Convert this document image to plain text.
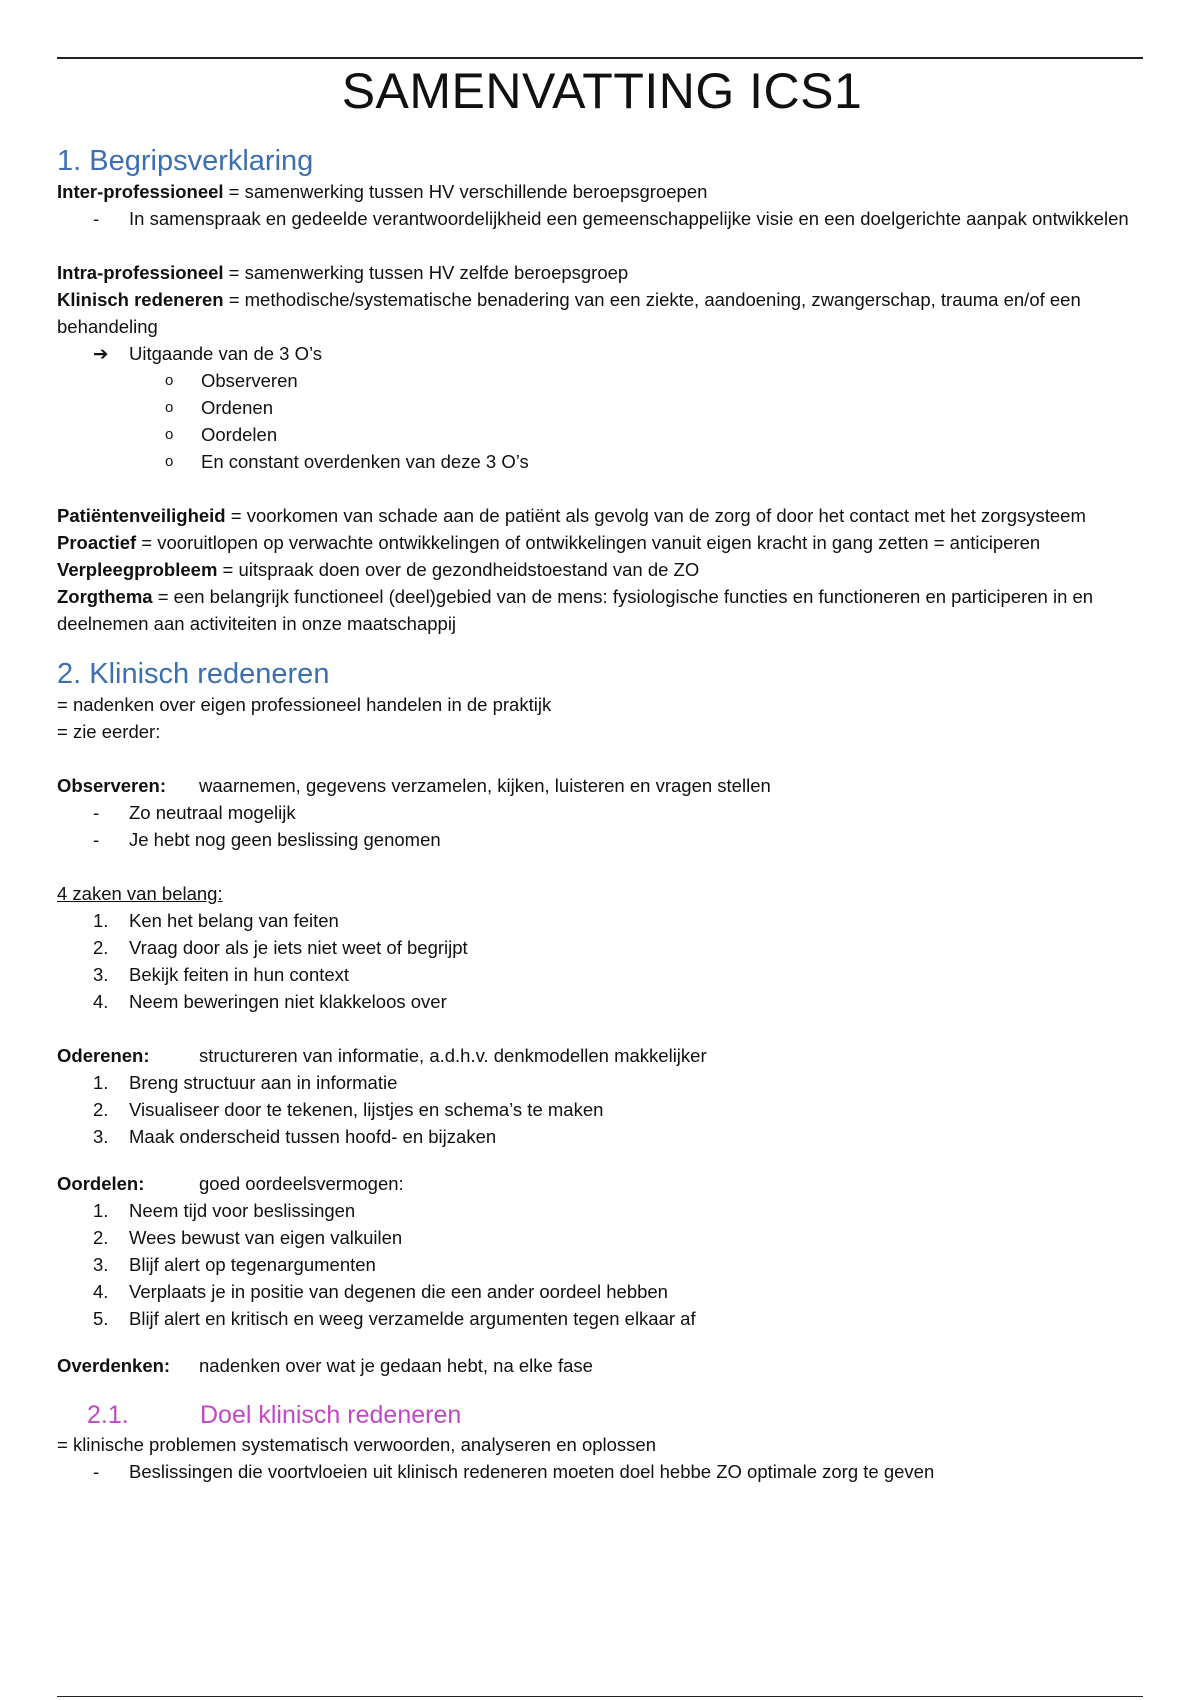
SAMENVATTING ICS1
1. Begripsverklaring

Inter-professioneel = samenwerking tussen HV verschillende beroepsgroepen

- In samenspraak en gedeelde verantwoordelijkheid een gemeenschappelijke visie en een doelgerichte aanpak ontwikkelen

Intra-professioneel = samenwerking tussen HV zelfde beroepsgroep

Klinisch redeneren = methodische/systematische benadering van een ziekte, aandoening, zwangerschap, trauma en/of een behandeling

➔ Uitgaande van de 3 O’s

o Observeren

o Ordenen

o Oordelen

o En constant overdenken van deze 3 O’s

Patiëntenveiligheid = voorkomen van schade aan de patiënt als gevolg van de zorg of door het contact met het zorgsysteem

Proactief = vooruitlopen op verwachte ontwikkelingen of ontwikkelingen vanuit eigen kracht in gang zetten = anticiperen

Verpleegprobleem = uitspraak doen over de gezondheidstoestand van de ZO

Zorgthema = een belangrijk functioneel (deel)gebied van de mens: fysiologische functies en functioneren en participeren in en deelnemen aan activiteiten in onze maatschappij

2. Klinisch redeneren

= nadenken over eigen professioneel handelen in de praktijk

= zie eerder:

Observeren: waarnemen, gegevens verzamelen, kijken, luisteren en vragen stellen

- Zo neutraal mogelijk

- Je hebt nog geen beslissing genomen

4 zaken van belang:

1. Ken het belang van feiten

2. Vraag door als je iets niet weet of begrijpt

3. Bekijk feiten in hun context

4. Neem beweringen niet klakkeloos over

Oderenen:	structureren van informatie, a.d.h.v. denkmodellen makkelijker

1. Breng structuur aan in informatie

2. Visualiseer door te tekenen, lijstjes en schema’s te maken

3. Maak onderscheid tussen hoofd- en bijzaken

Oordelen:	goed oordeelsvermogen:

1. Neem tijd voor beslissingen

2. Wees bewust van eigen valkuilen

3. Blijf alert op tegenargumenten

4. Verplaats je in positie van degenen die een ander oordeel hebben

5. Blijf alert en kritisch en weeg verzamelde argumenten tegen elkaar af

Overdenken: nadenken over wat je gedaan hebt, na elke fase

2.1.	Doel klinisch redeneren

= klinische problemen systematisch verwoorden, analyseren en oplossen

- Beslissingen die voortvloeien uit klinisch redeneren moeten doel hebbe ZO optimale zorg te geven
